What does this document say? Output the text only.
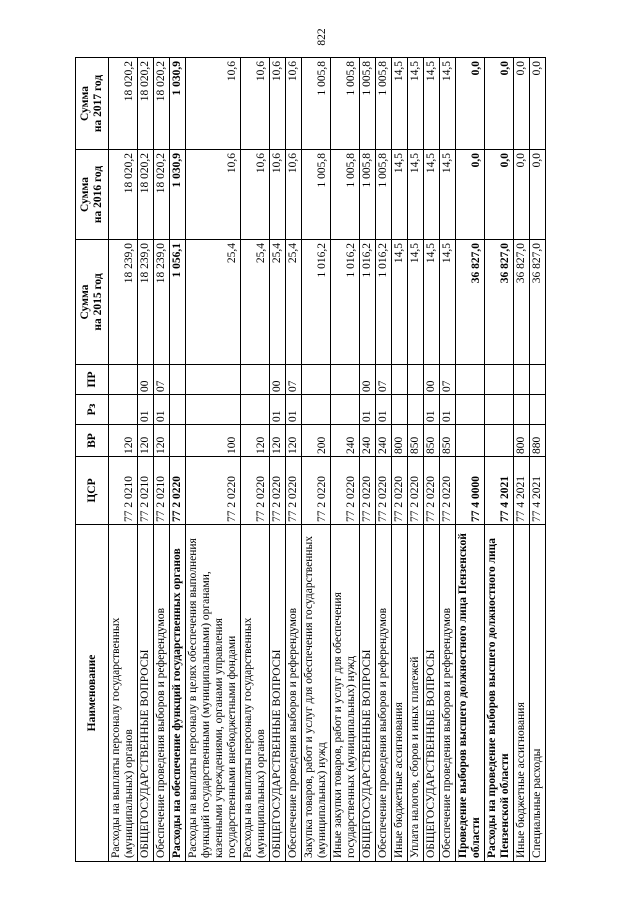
822
Наименование	ЦСР	ВР	Рз	ПР	Сумма на 2015 год	Сумма на 2016 год	Сумма на 2017 год

Расходы на выплаты персоналу государственных (муниципальных) органов	77 2 0210	120			18 239,0	18 020,2	18 020,2
ОБЩЕГОСУДАРСТВЕННЫЕ ВОПРОСЫ	77 2 0210	120	01	00	18 239,0	18 020,2	18 020,2
Обеспечение проведения выборов и референдумов	77 2 0210	120	01	07	18 239,0	18 020,2	18 020,2
Расходы на обеспечение функций государственных органов	77 2 0220				1 056,1	1 030,9	1 030,9
Расходы на выплаты персоналу в целях обеспечения выполнения функций государственными (муниципальными) органами, казенными учреждениями, органами управления государственными внебюджетными фондами	77 2 0220	100			25,4	10,6	10,6
Расходы на выплаты персоналу государственных (муниципальных) органов	77 2 0220	120			25,4	10,6	10,6
ОБЩЕГОСУДАРСТВЕННЫЕ ВОПРОСЫ	77 2 0220	120	01	00	25,4	10,6	10,6
Обеспечение проведения выборов и референдумов	77 2 0220	120	01	07	25,4	10,6	10,6
Закупка товаров, работ и услуг для обеспечения государственных (муниципальных) нужд	77 2 0220	200			1 016,2	1 005,8	1 005,8
Иные закупки товаров, работ и услуг для обеспечения государственных (муниципальных) нужд	77 2 0220	240			1 016,2	1 005,8	1 005,8
ОБЩЕГОСУДАРСТВЕННЫЕ ВОПРОСЫ	77 2 0220	240	01	00	1 016,2	1 005,8	1 005,8
Обеспечение проведения выборов и референдумов	77 2 0220	240	01	07	1 016,2	1 005,8	1 005,8
Иные бюджетные ассигнования	77 2 0220	800			14,5	14,5	14,5
Уплата налогов, сборов и иных платежей	77 2 0220	850			14,5	14,5	14,5
ОБЩЕГОСУДАРСТВЕННЫЕ ВОПРОСЫ	77 2 0220	850	01	00	14,5	14,5	14,5
Обеспечение проведения выборов и референдумов	77 2 0220	850	01	07	14,5	14,5	14,5
Проведение выборов высшего должностного лица Пензенской области	77 4 0000				36 827,0	0,0	0,0
Расходы на проведение выборов высшего должностного лица Пензенской области	77 4 2021				36 827,0	0,0	0,0
Иные бюджетные ассигнования	77 4 2021	800			36 827,0	0,0	0,0
Специальные расходы	77 4 2021	880			36 827,0	0,0	0,0
